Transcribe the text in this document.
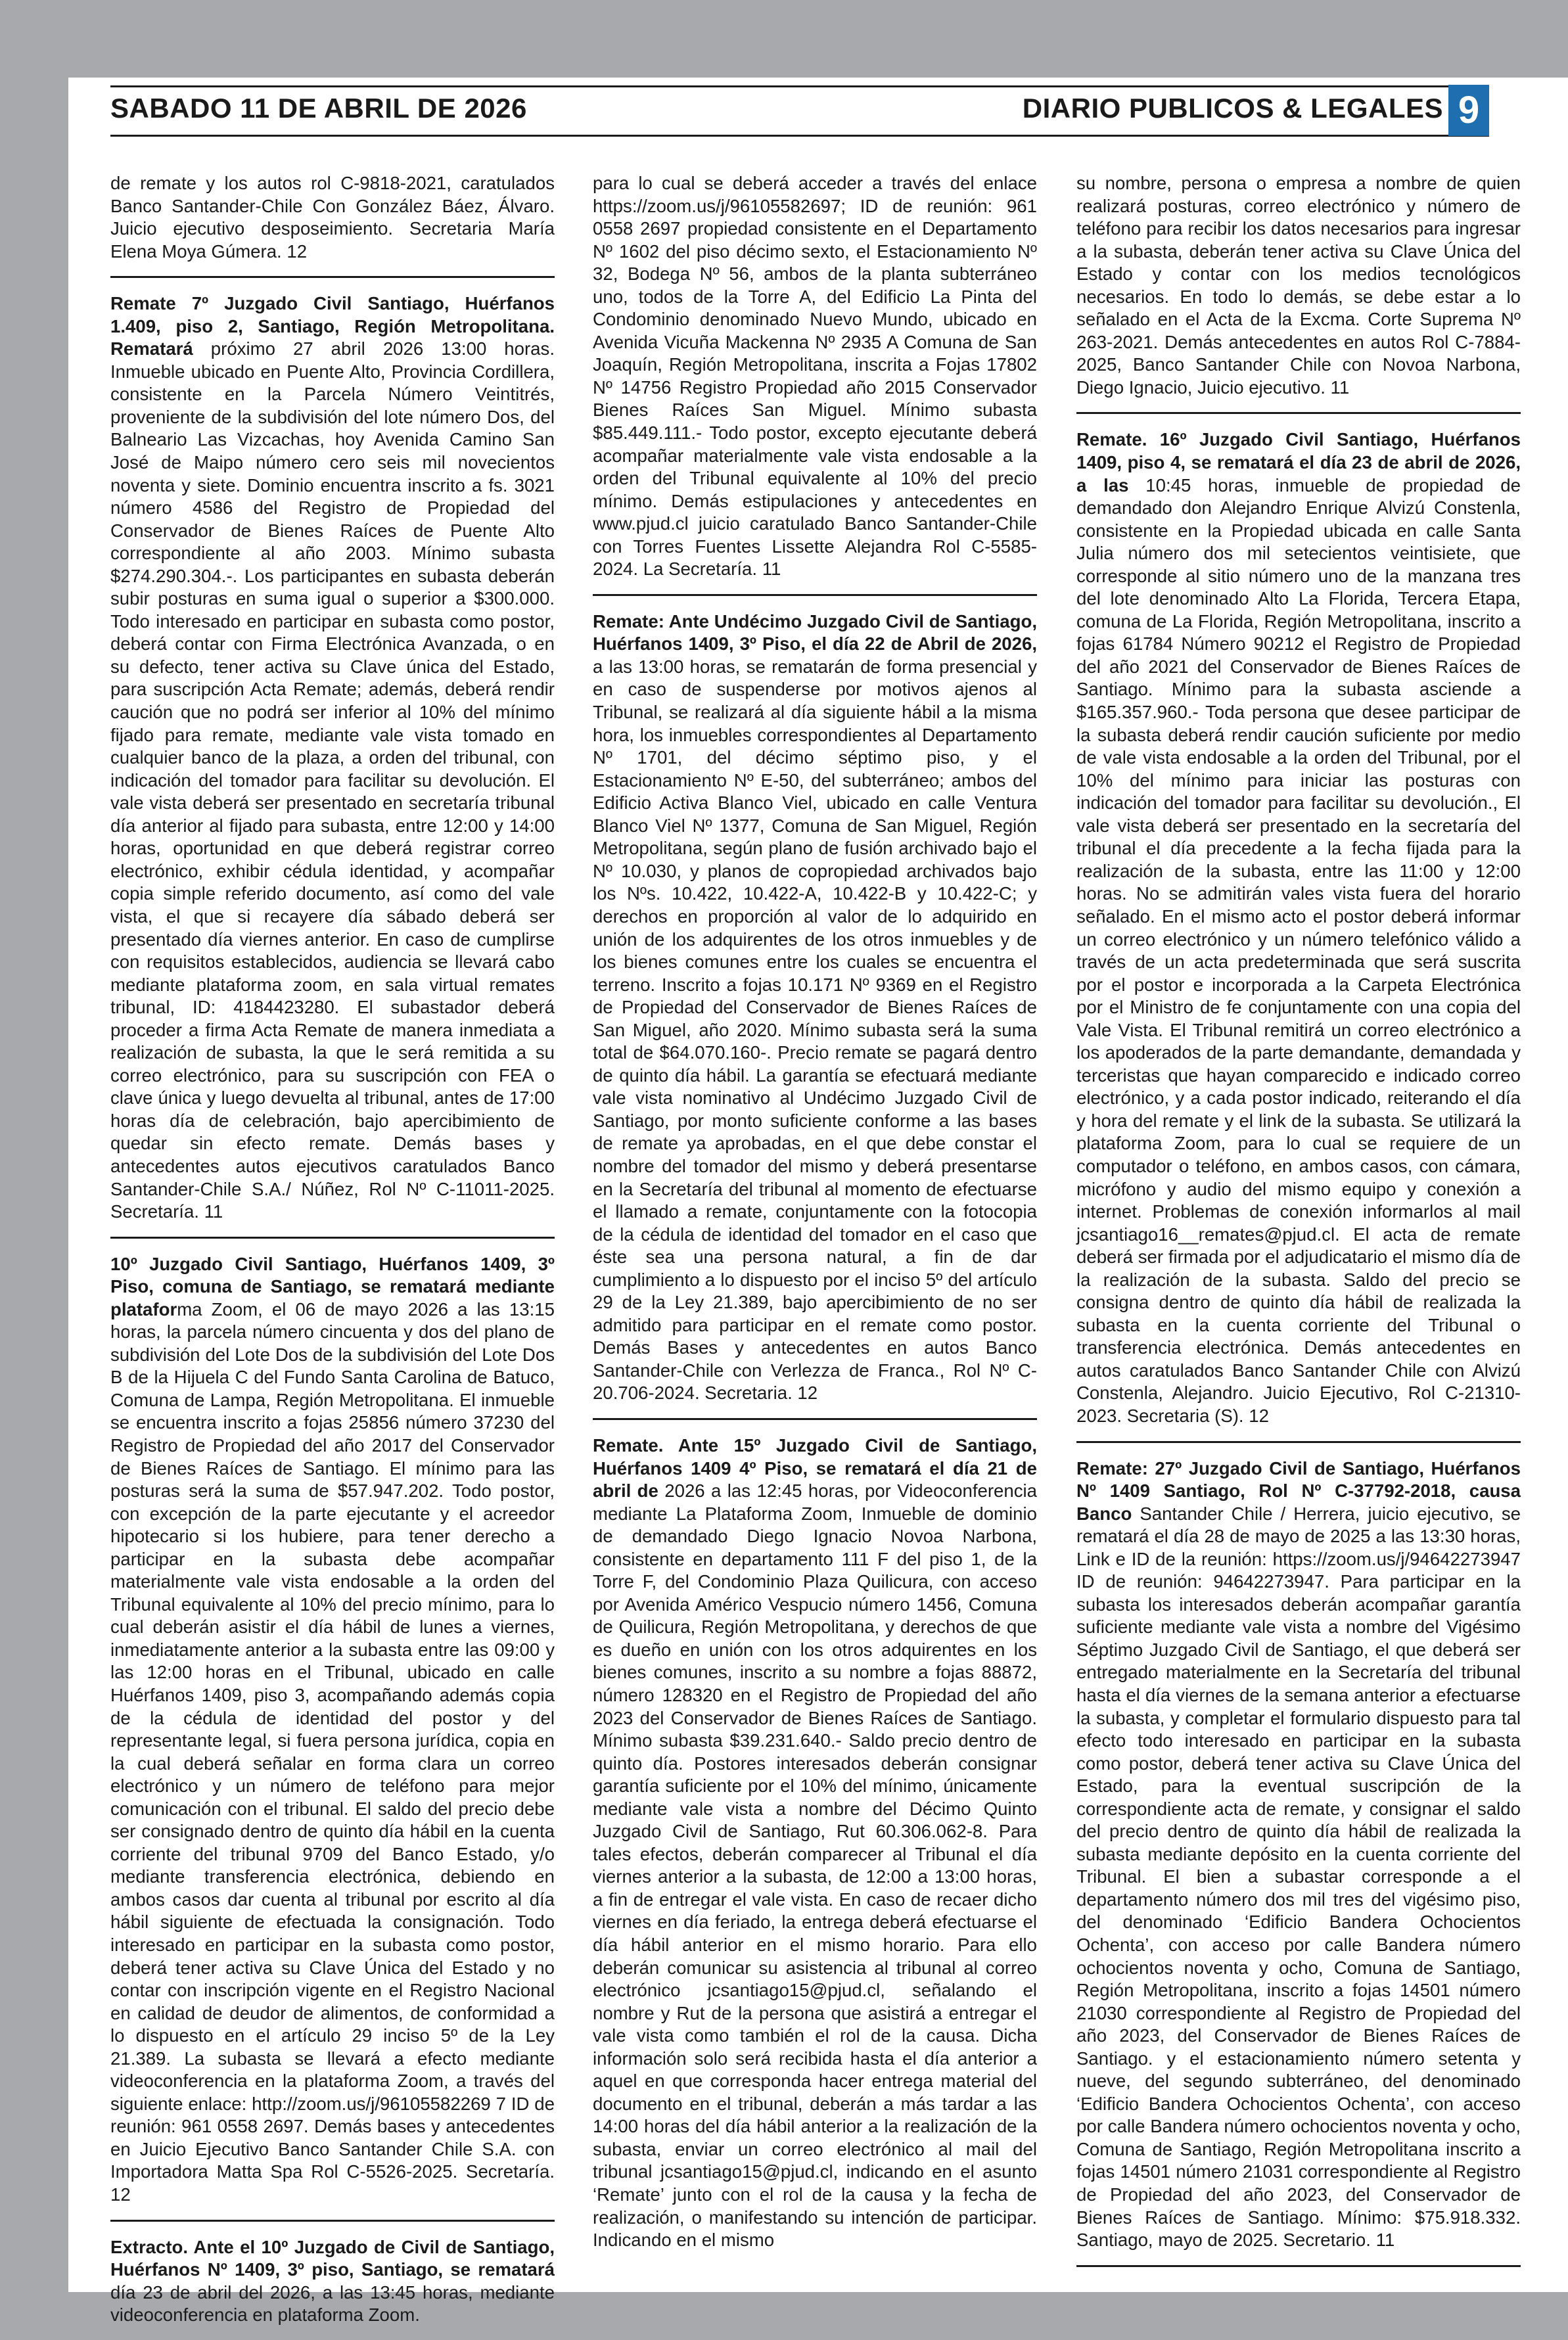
SABADO 11 DE ABRIL DE 2026	DIARIO PUBLICOS & LEGALES 9

de remate y los autos rol C-9818-2021, caratulados Banco Santander-Chile Con González Báez, Álvaro. Juicio ejecutivo desposeimiento. Secretaria María Elena Moya Gúmera. 12

Remate 7º Juzgado Civil Santiago, Huérfanos 1.409, piso 2, Santiago, Región Metropolitana. Rematará próximo 27 abril 2026 13:00 horas. Inmueble ubicado en Puente Alto, Provincia Cordillera, consistente en la Parcela Número Veintitrés, proveniente de la subdivisión del lote número Dos, del Balneario Las Vizcachas, hoy Avenida Camino San José de Maipo número cero seis mil novecientos noventa y siete. Dominio encuentra inscrito a fs. 3021 número 4586 del Registro de Propiedad del Conservador de Bienes Raíces de Puente Alto correspondiente al año 2003. Mínimo subasta $274.290.304.-. Los participantes en subasta deberán subir posturas en suma igual o superior a $300.000. Todo interesado en participar en subasta como postor, deberá contar con Firma Electrónica Avanzada, o en su defecto, tener activa su Clave única del Estado, para suscripción Acta Remate; además, deberá rendir caución que no podrá ser inferior al 10% del mínimo fijado para remate, mediante vale vista tomado en cualquier banco de la plaza, a orden del tribunal, con indicación del tomador para facilitar su devolución. El vale vista deberá ser presentado en secretaría tribunal día anterior al fijado para subasta, entre 12:00 y 14:00 horas, oportunidad en que deberá registrar correo electrónico, exhibir cédula identidad, y acompañar copia simple referido documento, así como del vale vista, el que si recayere día sábado deberá ser presentado día viernes anterior. En caso de cumplirse con requisitos establecidos, audiencia se llevará cabo mediante plataforma zoom, en sala virtual remates tribunal, ID: 4184423280. El subastador deberá proceder a firma Acta Remate de manera inmediata a realización de subasta, la que le será remitida a su correo electrónico, para su suscripción con FEA o clave única y luego devuelta al tribunal, antes de 17:00 horas día de celebración, bajo apercibimiento de quedar sin efecto remate. Demás bases y antecedentes autos ejecutivos caratulados Banco Santander-Chile S.A./ Núñez, Rol Nº C-11011-2025. Secretaría. 11

10º Juzgado Civil Santiago, Huérfanos 1409, 3º Piso, comuna de Santiago, se rematará mediante plataforma Zoom, el 06 de mayo 2026 a las 13:15 horas, la parcela número cincuenta y dos del plano de subdivisión del Lote Dos de la subdivisión del Lote Dos B de la Hijuela C del Fundo Santa Carolina de Batuco, Comuna de Lampa, Región Metropolitana. El inmueble se encuentra inscrito a fojas 25856 número 37230 del Registro de Propiedad del año 2017 del Conservador de Bienes Raíces de Santiago. El mínimo para las posturas será la suma de $57.947.202. Todo postor, con excepción de la parte ejecutante y el acreedor hipotecario si los hubiere, para tener derecho a participar en la subasta debe acompañar materialmente vale vista endosable a la orden del Tribunal equivalente al 10% del precio mínimo, para lo cual deberán asistir el día hábil de lunes a viernes, inmediatamente anterior a la subasta entre las 09:00 y las 12:00 horas en el Tribunal, ubicado en calle Huérfanos 1409, piso 3, acompañando además copia de la cédula de identidad del postor y del representante legal, si fuera persona jurídica, copia en la cual deberá señalar en forma clara un correo electrónico y un número de teléfono para mejor comunicación con el tribunal. El saldo del precio debe ser consignado dentro de quinto día hábil en la cuenta corriente del tribunal 9709 del Banco Estado, y/o mediante transferencia electrónica, debiendo en ambos casos dar cuenta al tribunal por escrito al día hábil siguiente de efectuada la consignación. Todo interesado en participar en la subasta como postor, deberá tener activa su Clave Única del Estado y no contar con inscripción vigente en el Registro Nacional en calidad de deudor de alimentos, de conformidad a lo dispuesto en el artículo 29 inciso 5º de la Ley 21.389. La subasta se llevará a efecto mediante videoconferencia en la plataforma Zoom, a través del siguiente enlace: http://zoom.us/j/96105582269 7 ID de reunión: 961 0558 2697. Demás bases y antecedentes en Juicio Ejecutivo Banco Santander Chile S.A. con Importadora Matta Spa Rol C-5526-2025. Secretaría. 12

Extracto. Ante el 10º Juzgado de Civil de Santiago, Huérfanos Nº 1409, 3º piso, Santiago, se rematará día 23 de abril del 2026, a las 13:45 horas, mediante videoconferencia en plataforma Zoom.

para lo cual se deberá acceder a través del enlace https://zoom.us/j/96105582697; ID de reunión: 961 0558 2697 propiedad consistente en el Departamento Nº 1602 del piso décimo sexto, el Estacionamiento Nº 32, Bodega Nº 56, ambos de la planta subterráneo uno, todos de la Torre A, del Edificio La Pinta del Condominio denominado Nuevo Mundo, ubicado en Avenida Vicuña Mackenna Nº 2935 A Comuna de San Joaquín, Región Metropolitana, inscrita a Fojas 17802 Nº 14756 Registro Propiedad año 2015 Conservador Bienes Raíces San Miguel. Mínimo subasta $85.449.111.- Todo postor, excepto ejecutante deberá acompañar materialmente vale vista endosable a la orden del Tribunal equivalente al 10% del precio mínimo. Demás estipulaciones y antecedentes en www.pjud.cl juicio caratulado Banco Santander-Chile con Torres Fuentes Lissette Alejandra Rol C-5585-2024. La Secretaría. 11

Remate: Ante Undécimo Juzgado Civil de Santiago, Huérfanos 1409, 3º Piso, el día 22 de Abril de 2026, a las 13:00 horas, se rematarán de forma presencial y en caso de suspenderse por motivos ajenos al Tribunal, se realizará al día siguiente hábil a la misma hora, los inmuebles correspondientes al Departamento Nº 1701, del décimo séptimo piso, y el Estacionamiento Nº E-50, del subterráneo; ambos del Edificio Activa Blanco Viel, ubicado en calle Ventura Blanco Viel Nº 1377, Comuna de San Miguel, Región Metropolitana, según plano de fusión archivado bajo el Nº 10.030, y planos de copropiedad archivados bajo los Nºs. 10.422, 10.422-A, 10.422-B y 10.422-C; y derechos en proporción al valor de lo adquirido en unión de los adquirentes de los otros inmuebles y de los bienes comunes entre los cuales se encuentra el terreno. Inscrito a fojas 10.171 Nº 9369 en el Registro de Propiedad del Conservador de Bienes Raíces de San Miguel, año 2020. Mínimo subasta será la suma total de $64.070.160-. Precio remate se pagará dentro de quinto día hábil. La garantía se efectuará mediante vale vista nominativo al Undécimo Juzgado Civil de Santiago, por monto suficiente conforme a las bases de remate ya aprobadas, en el que debe constar el nombre del tomador del mismo y deberá presentarse en la Secretaría del tribunal al momento de efectuarse el llamado a remate, conjuntamente con la fotocopia de la cédula de identidad del tomador en el caso que éste sea una persona natural, a fin de dar cumplimiento a lo dispuesto por el inciso 5º del artículo 29 de la Ley 21.389, bajo apercibimiento de no ser admitido para participar en el remate como postor. Demás Bases y antecedentes en autos Banco Santander-Chile con Verlezza de Franca., Rol Nº C-20.706-2024. Secretaria. 12

Remate. Ante 15º Juzgado Civil de Santiago, Huérfanos 1409 4º Piso, se rematará el día 21 de abril de 2026 a las 12:45 horas, por Videoconferencia mediante La Plataforma Zoom, Inmueble de dominio de demandado Diego Ignacio Novoa Narbona, consistente en departamento 111 F del piso 1, de la Torre F, del Condominio Plaza Quilicura, con acceso por Avenida Américo Vespucio número 1456, Comuna de Quilicura, Región Metropolitana, y derechos de que es dueño en unión con los otros adquirentes en los bienes comunes, inscrito a su nombre a fojas 88872, número 128320 en el Registro de Propiedad del año 2023 del Conservador de Bienes Raíces de Santiago. Mínimo subasta $39.231.640.- Saldo precio dentro de quinto día. Postores interesados deberán consignar garantía suficiente por el 10% del mínimo, únicamente mediante vale vista a nombre del Décimo Quinto Juzgado Civil de Santiago, Rut 60.306.062-8. Para tales efectos, deberán comparecer al Tribunal el día viernes anterior a la subasta, de 12:00 a 13:00 horas, a fin de entregar el vale vista. En caso de recaer dicho viernes en día feriado, la entrega deberá efectuarse el día hábil anterior en el mismo horario. Para ello deberán comunicar su asistencia al tribunal al correo electrónico jcsantiago15@pjud.cl, señalando el nombre y Rut de la persona que asistirá a entregar el vale vista como también el rol de la causa. Dicha información solo será recibida hasta el día anterior a aquel en que corresponda hacer entrega material del documento en el tribunal, deberán a más tardar a las 14:00 horas del día hábil anterior a la realización de la subasta, enviar un correo electrónico al mail del tribunal jcsantiago15@pjud.cl, indicando en el asunto ‘Remate’ junto con el rol de la causa y la fecha de realización, o manifestando su intención de participar. Indicando en el mismo

su nombre, persona o empresa a nombre de quien realizará posturas, correo electrónico y número de teléfono para recibir los datos necesarios para ingresar a la subasta, deberán tener activa su Clave Única del Estado y contar con los medios tecnológicos necesarios. En todo lo demás, se debe estar a lo señalado en el Acta de la Excma. Corte Suprema Nº 263-2021. Demás antecedentes en autos Rol C-7884-2025, Banco Santander Chile con Novoa Narbona, Diego Ignacio, Juicio ejecutivo. 11

Remate. 16º Juzgado Civil Santiago, Huérfanos 1409, piso 4, se rematará el día 23 de abril de 2026, a las 10:45 horas, inmueble de propiedad de demandado don Alejandro Enrique Alvizú Constenla, consistente en la Propiedad ubicada en calle Santa Julia número dos mil setecientos veintisiete, que corresponde al sitio número uno de la manzana tres del lote denominado Alto La Florida, Tercera Etapa, comuna de La Florida, Región Metropolitana, inscrito a fojas 61784 Número 90212 el Registro de Propiedad del año 2021 del Conservador de Bienes Raíces de Santiago. Mínimo para la subasta asciende a $165.357.960.- Toda persona que desee participar de la subasta deberá rendir caución suficiente por medio de vale vista endosable a la orden del Tribunal, por el 10% del mínimo para iniciar las posturas con indicación del tomador para facilitar su devolución., El vale vista deberá ser presentado en la secretaría del tribunal el día precedente a la fecha fijada para la realización de la subasta, entre las 11:00 y 12:00 horas. No se admitirán vales vista fuera del horario señalado. En el mismo acto el postor deberá informar un correo electrónico y un número telefónico válido a través de un acta predeterminada que será suscrita por el postor e incorporada a la Carpeta Electrónica por el Ministro de fe conjuntamente con una copia del Vale Vista. El Tribunal remitirá un correo electrónico a los apoderados de la parte demandante, demandada y terceristas que hayan comparecido e indicado correo electrónico, y a cada postor indicado, reiterando el día y hora del remate y el link de la subasta. Se utilizará la plataforma Zoom, para lo cual se requiere de un computador o teléfono, en ambos casos, con cámara, micrófono y audio del mismo equipo y conexión a internet. Problemas de conexión informarlos al mail jcsantiago16__remates@pjud.cl. El acta de remate deberá ser firmada por el adjudicatario el mismo día de la realización de la subasta. Saldo del precio se consigna dentro de quinto día hábil de realizada la subasta en la cuenta corriente del Tribunal o transferencia electrónica. Demás antecedentes en autos caratulados Banco Santander Chile con Alvizú Constenla, Alejandro. Juicio Ejecutivo, Rol C-21310-2023. Secretaria (S). 12

Remate: 27º Juzgado Civil de Santiago, Huérfanos Nº 1409 Santiago, Rol Nº C-37792-2018, causa Banco Santander Chile / Herrera, juicio ejecutivo, se rematará el día 28 de mayo de 2025 a las 13:30 horas, Link e ID de la reunión: https://zoom.us/j/94642273947 ID de reunión: 94642273947. Para participar en la subasta los interesados deberán acompañar garantía suficiente mediante vale vista a nombre del Vigésimo Séptimo Juzgado Civil de Santiago, el que deberá ser entregado materialmente en la Secretaría del tribunal hasta el día viernes de la semana anterior a efectuarse la subasta, y completar el formulario dispuesto para tal efecto todo interesado en participar en la subasta como postor, deberá tener activa su Clave Única del Estado, para la eventual suscripción de la correspondiente acta de remate, y consignar el saldo del precio dentro de quinto día hábil de realizada la subasta mediante depósito en la cuenta corriente del Tribunal. El bien a subastar corresponde a el departamento número dos mil tres del vigésimo piso, del denominado ‘Edificio Bandera Ochocientos Ochenta’, con acceso por calle Bandera número ochocientos noventa y ocho, Comuna de Santiago, Región Metropolitana, inscrito a fojas 14501 número 21030 correspondiente al Registro de Propiedad del año 2023, del Conservador de Bienes Raíces de Santiago. y el estacionamiento número setenta y nueve, del segundo subterráneo, del denominado ‘Edificio Bandera Ochocientos Ochenta’, con acceso por calle Bandera número ochocientos noventa y ocho, Comuna de Santiago, Región Metropolitana inscrito a fojas 14501 número 21031 correspondiente al Registro de Propiedad del año 2023, del Conservador de Bienes Raíces de Santiago. Mínimo: $75.918.332. Santiago, mayo de 2025. Secretario. 11
